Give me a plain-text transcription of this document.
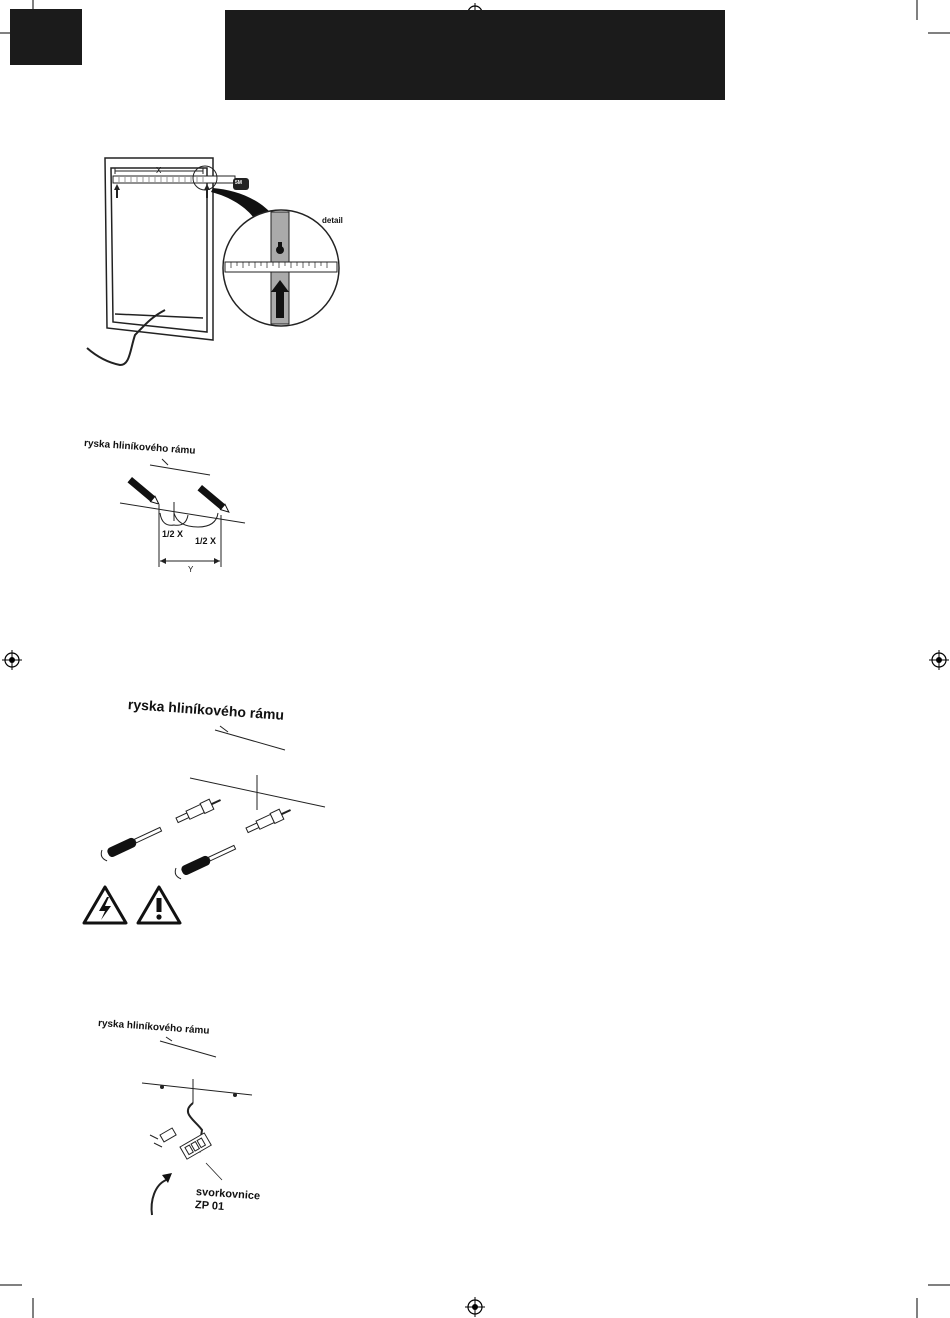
X
5M
detail
ryska hliníkového rámu
1/2 X
1/2 X
Y
ryska hliníkového rámu
ryska hliníkového rámu
svorkovnice
ZP 01
